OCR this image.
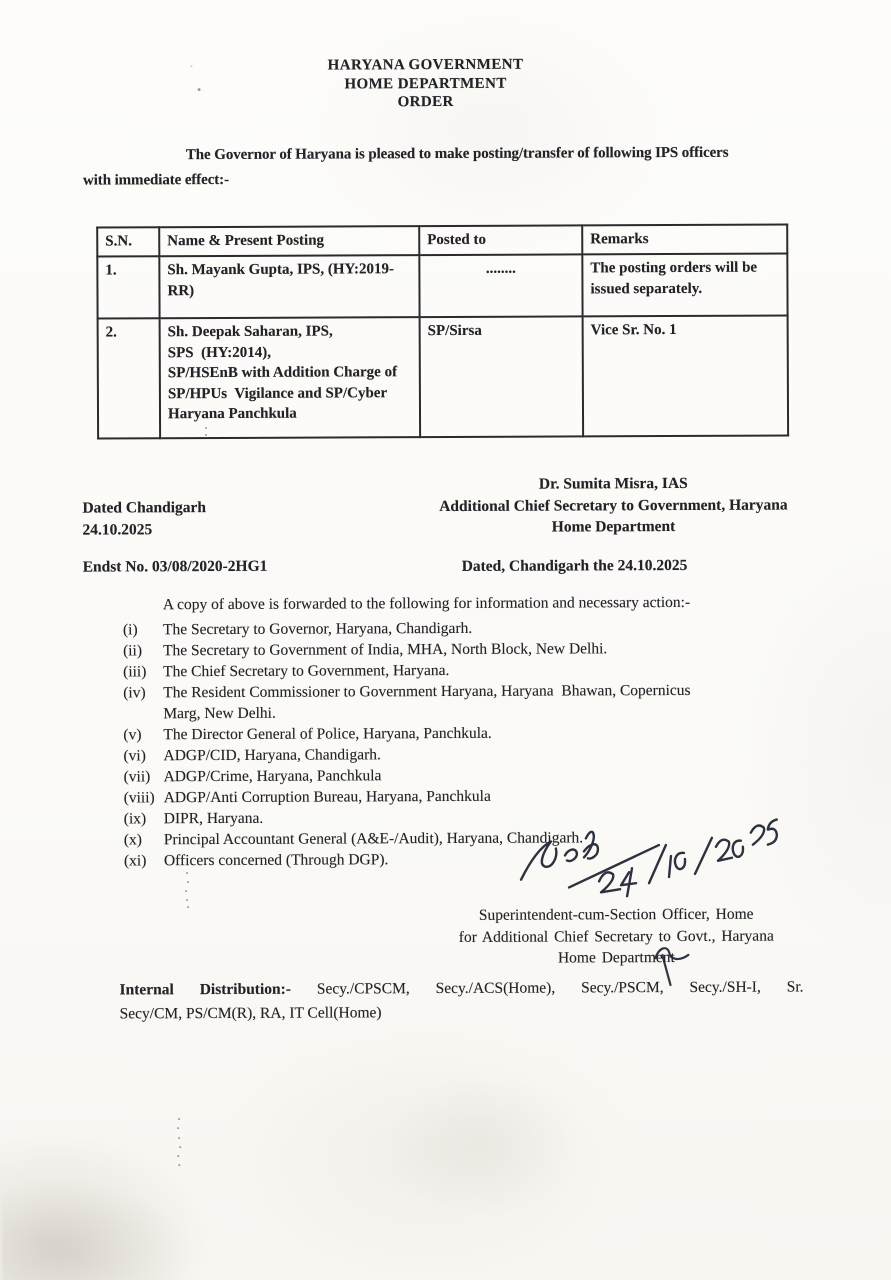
HARYANA GOVERNMENT
HOME DEPARTMENT
ORDER
The Governor of Haryana is pleased to make posting/transfer of following IPS officers
with immediate effect:-
S.N.	Name & Present Posting	Posted to	Remarks
1.	Sh. Mayank Gupta, IPS, (HY:2019-
RR)	........	The posting orders will be
issued separately.
2.	Sh. Deepak Saharan, IPS,
SPS  (HY:2014),
SP/HSEnB with Addition Charge of
SP/HPUs  Vigilance and SP/Cyber
Haryana Panchkula	SP/Sirsa	Vice Sr. No. 1
Dr. Sumita Misra, IAS
Additional Chief Secretary to Government, Haryana
Home Department
Dated Chandigarh
24.10.2025
Endst No. 03/08/2020-2HG1	Dated, Chandigarh the 24.10.2025
A copy of above is forwarded to the following for information and necessary action:-
(i)	The Secretary to Governor, Haryana, Chandigarh.
(ii)	The Secretary to Government of India, MHA, North Block, New Delhi.
(iii)	The Chief Secretary to Government, Haryana.
(iv)	The Resident Commissioner to Government Haryana, Haryana  Bhawan, Copernicus
Marg, New Delhi.
(v)	The Director General of Police, Haryana, Panchkula.
(vi)	ADGP/CID, Haryana, Chandigarh.
(vii) ADGP/Crime, Haryana, Panchkula
(viii) ADGP/Anti Corruption Bureau, Haryana, Panchkula
(ix)	DIPR, Haryana.
(x)	Principal Accountant General (A&E-/Audit), Haryana, Chandigarh.
(xi)	Officers concerned (Through DGP).
Superintendent-cum-Section Officer, Home
for Additional Chief Secretary to Govt., Haryana
Home Department
Internal Distribution:- Secy./CPSCM, Secy./ACS(Home), Secy./PSCM, Secy./SH-I, Sr.
Secy/CM, PS/CM(R), RA, IT Cell(Home)
